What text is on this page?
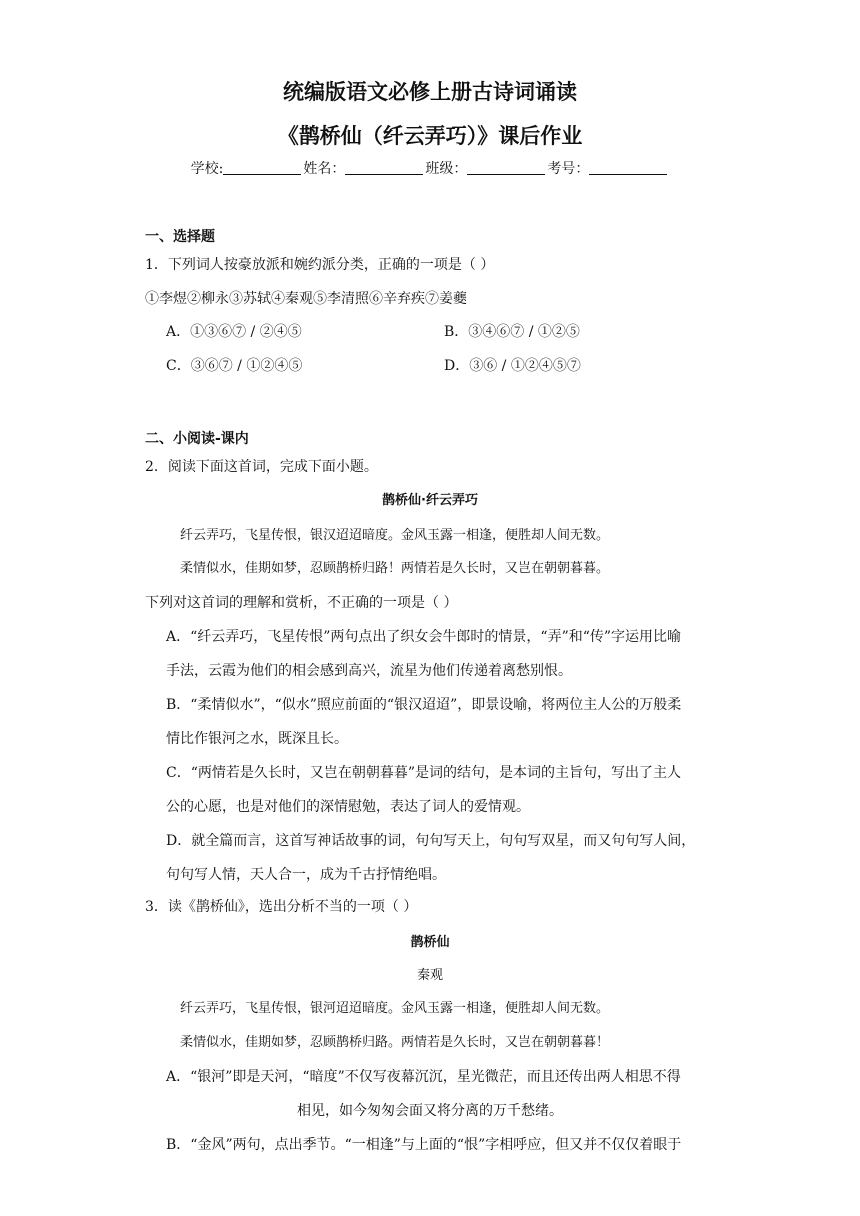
统编版语文必修上册古诗词诵读
《鹊桥仙（纤云弄巧）》课后作业
学校:	姓名：	班级：	考号：
一、选择题
1．下列词人按豪放派和婉约派分类，正确的一项是（ ）
①李煜②柳永③苏轼④秦观⑤李清照⑥辛弃疾⑦姜夔
A．①③⑥⑦ / ②④⑤	B．③④⑥⑦ / ①②⑤
C．③⑥⑦ / ①②④⑤	D．③⑥ / ①②④⑤⑦
二、小阅读-课内
2．阅读下面这首词，完成下面小题。
鹊桥仙·纤云弄巧
纤云弄巧，飞星传恨，银汉迢迢暗度。金风玉露一相逢，便胜却人间无数。
柔情似水，佳期如梦，忍顾鹊桥归路！两情若是久长时，又岂在朝朝暮暮。
下列对这首词的理解和赏析，不正确的一项是（ ）
A．“纤云弄巧，飞星传恨”两句点出了织女会牛郎时的情景，“弄”和“传”字运用比喻
手法，云霞为他们的相会感到高兴，流星为他们传递着离愁别恨。
B．“柔情似水”，“似水”照应前面的“银汉迢迢”，即景设喻，将两位主人公的万般柔
情比作银河之水，既深且长。
C．“两情若是久长时，又岂在朝朝暮暮”是词的结句，是本词的主旨句，写出了主人
公的心愿，也是对他们的深情慰勉，表达了词人的爱情观。
D．就全篇而言，这首写神话故事的词，句句写天上，句句写双星，而又句句写人间，
句句写人情，天人合一，成为千古抒情绝唱。
3．读《鹊桥仙》，选出分析不当的一项（ ）
鹊桥仙
秦观
纤云弄巧，飞星传恨，银河迢迢暗度。金风玉露一相逢，便胜却人间无数。
柔情似水，佳期如梦，忍顾鹊桥归路。两情若是久长时，又岂在朝朝暮暮！
A．“银河”即是天河，“暗度”不仅写夜幕沉沉，星光微茫，而且还传出两人相思不得
相见，如今匆匆会面又将分离的万千愁绪。
B．“金风”两句，点出季节。“一相逢”与上面的“恨”字相呼应，但又并不仅仅着眼于
